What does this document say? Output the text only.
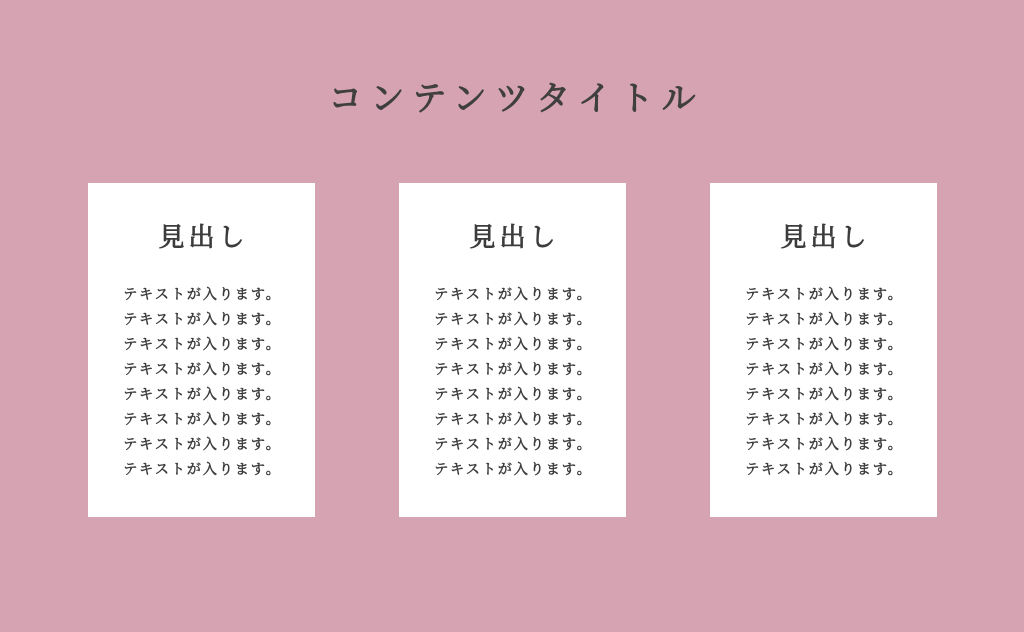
コンテンツタイトル
見出し
テキストが入ります。
テキストが入ります。
テキストが入ります。
テキストが入ります。
テキストが入ります。
テキストが入ります。
テキストが入ります。
テキストが入ります。
見出し
テキストが入ります。
テキストが入ります。
テキストが入ります。
テキストが入ります。
テキストが入ります。
テキストが入ります。
テキストが入ります。
テキストが入ります。
見出し
テキストが入ります。
テキストが入ります。
テキストが入ります。
テキストが入ります。
テキストが入ります。
テキストが入ります。
テキストが入ります。
テキストが入ります。
